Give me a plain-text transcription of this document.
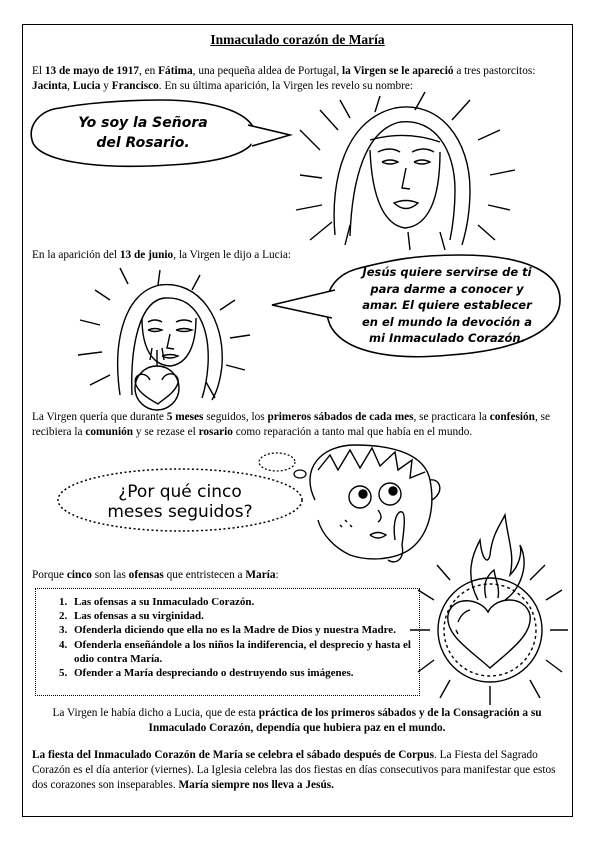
Inmaculado corazón de María
El 13 de mayo de 1917, en Fátima, una pequeña aldea de Portugal, la Virgen se le apareció a tres pastorcitos: Jacinta, Lucia y Francisco. En su última aparición, la Virgen les revelo su nombre:
Yo soy la Señora
del Rosario.
En la aparición del 13 de junio, la Virgen le dijo a Lucia:
Jesús quiere servirse de ti
para darme a conocer y
amar. El quiere establecer
en el mundo la devoción a
mi Inmaculado Corazón.
La Virgen quería que durante 5 meses seguidos, los primeros sábados de cada mes, se practicara la confesión, se recibiera la comunión y se rezase el rosario como reparación a tanto mal que había en el mundo.
¿Por qué cinco
meses seguidos?
Porque cinco son las ofensas que entristecen a María:
1. Las ofensas a su Inmaculado Corazón.
2. Las ofensas a su virginidad.
3. Ofenderla diciendo que ella no es la Madre de Dios y nuestra Madre.
4. Ofenderla enseñándole a los niños la indiferencia, el desprecio y hasta el odio contra María.
5. Ofender a María despreciando o destruyendo sus imágenes.
La Virgen le había dicho a Lucia, que de esta práctica de los primeros sábados y de la Consagración a su Inmaculado Corazón, dependía que hubiera paz en el mundo.
La fiesta del Inmaculado Corazón de María se celebra el sábado después de Corpus. La Fiesta del Sagrado Corazón es el día anterior (viernes). La Iglesia celebra las dos fiestas en días consecutivos para manifestar que estos dos corazones son inseparables. María siempre nos lleva a Jesús.
